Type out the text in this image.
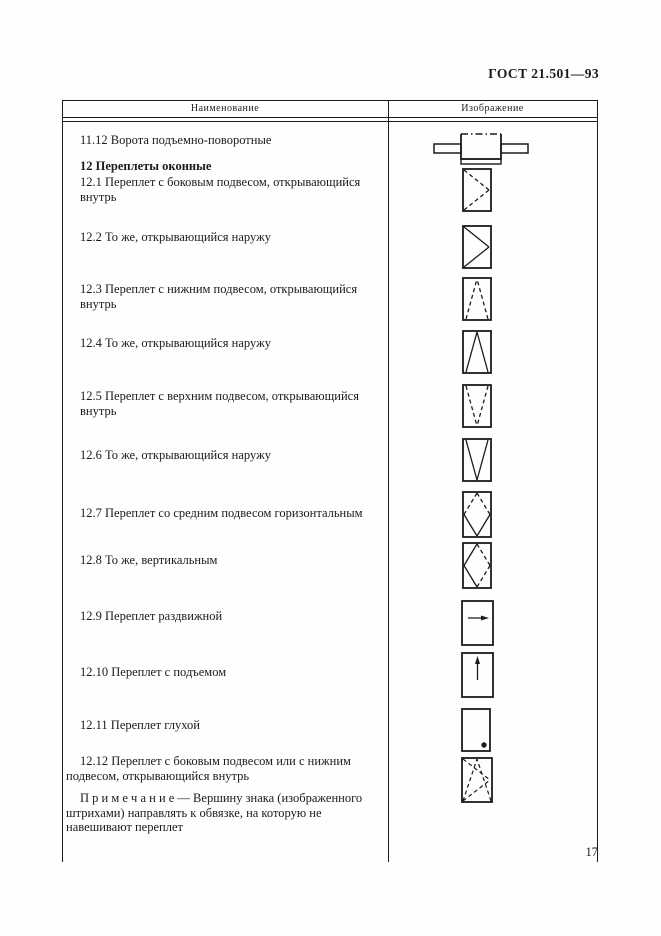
ГОСТ 21.501—93
Наименование	Изображение
11.12 Ворота подъемно-поворотные
12 Переплеты оконные
12.1 Переплет с боковым подвесом, открывающийся внутрь
12.2 То же, открывающийся наружу
12.3 Переплет с нижним подвесом, открывающийся внутрь
12.4 То же, открывающийся наружу
12.5 Переплет с верхним подвесом, открывающийся внутрь
12.6 То же, открывающийся наружу
12.7 Переплет со средним подвесом горизонтальным
12.8 То же, вертикальным
12.9 Переплет раздвижной
12.10 Переплет с подъемом
12.11 Переплет глухой
12.12 Переплет с боковым подвесом или с нижним подвесом, открывающийся внутрь
П р и м е ч а н и е — Вершину знака (изображенного штрихами) направлять к обвязке, на которую не навешивают переплет
17
